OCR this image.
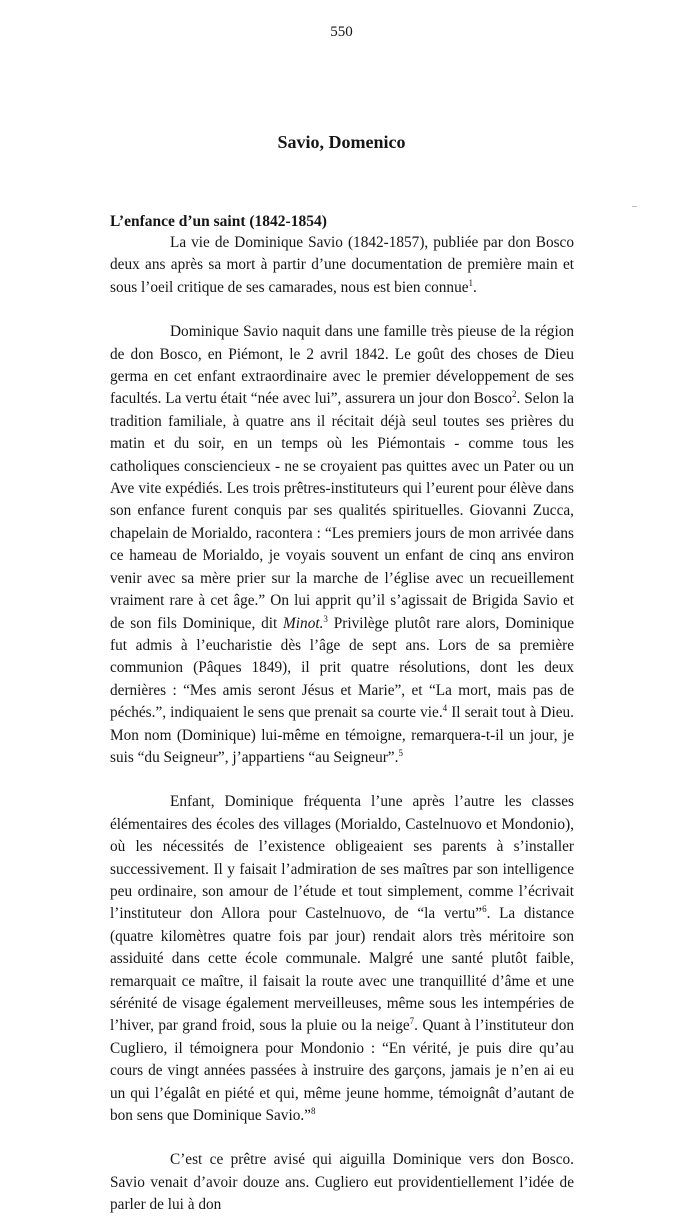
550
Savio, Domenico
L’enfance d’un saint (1842-1854)

La vie de Dominique Savio (1842-1857), publiée par don Bosco deux ans après sa mort à partir d’une documentation de première main et sous l’oeil critique de ses camarades, nous est bien connue$^1$.

Dominique Savio naquit dans une famille très pieuse de la région de don Bosco, en Piémont, le 2 avril 1842. Le goût des choses de Dieu germa en cet enfant extraordinaire avec le premier développement de ses facultés. La vertu était “née avec lui”, assurera un jour don Bosco$^2$. Selon la tradition familiale, à quatre ans il récitait déjà seul toutes ses prières du matin et du soir, en un temps où les Piémontais - comme tous les catholiques consciencieux - ne se croyaient pas quittes avec un Pater ou un Ave vite expédiés. Les trois prêtres-instituteurs qui l’eurent pour élève dans son enfance furent conquis par ses qualités spirituelles. Giovanni Zucca, chapelain de Morialdo, racontera : “Les premiers jours de mon arrivée dans ce hameau de Morialdo, je voyais souvent un enfant de cinq ans environ venir avec sa mère prier sur la marche de l’église avec un recueillement vraiment rare à cet âge.” On lui apprit qu’il s’agissait de Brigida Savio et de son fils Dominique, dit Minot.$^3$ Privilège plutôt rare alors, Dominique fut admis à l’eucharistie dès l’âge de sept ans. Lors de sa première communion (Pâques 1849), il prit quatre résolutions, dont les deux dernières : “Mes amis seront Jésus et Marie”, et “La mort, mais pas de péchés.”, indiquaient le sens que prenait sa courte vie.$^4$ Il serait tout à Dieu. Mon nom (Dominique) lui-même en témoigne, remarquera-t-il un jour, je suis “du Seigneur”, j’appartiens “au Seigneur”.$^5$

Enfant, Dominique fréquenta l’une après l’autre les classes élémentaires des écoles des villages (Morialdo, Castelnuovo et Mondonio), où les nécessités de l’existence obligeaient ses parents à s’installer successivement. Il y faisait l’admiration de ses maîtres par son intelligence peu ordinaire, son amour de l’étude et tout simplement, comme l’écrivait l’instituteur don Allora pour Castelnuovo, de “la vertu”$^6$. La distance (quatre kilomètres quatre fois par jour) rendait alors très méritoire son assiduité dans cette école communale. Malgré une santé plutôt faible, remarquait ce maître, il faisait la route avec une tranquillité d’âme et une sérénité de visage également merveilleuses, même sous les intempéries de l’hiver, par grand froid, sous la pluie ou la neige$^7$. Quant à l’instituteur don Cugliero, il témoignera pour Mondonio : “En vérité, je puis dire qu’au cours de vingt années passées à instruire des garçons, jamais je n’en ai eu un qui l’égalât en piété et qui, même jeune homme, témoignât d’autant de bon sens que Dominique Savio.”$^8$

C’est ce prêtre avisé qui aiguilla Dominique vers don Bosco. Savio venait d’avoir douze ans. Cugliero eut providentiellement l’idée de parler de lui à don
